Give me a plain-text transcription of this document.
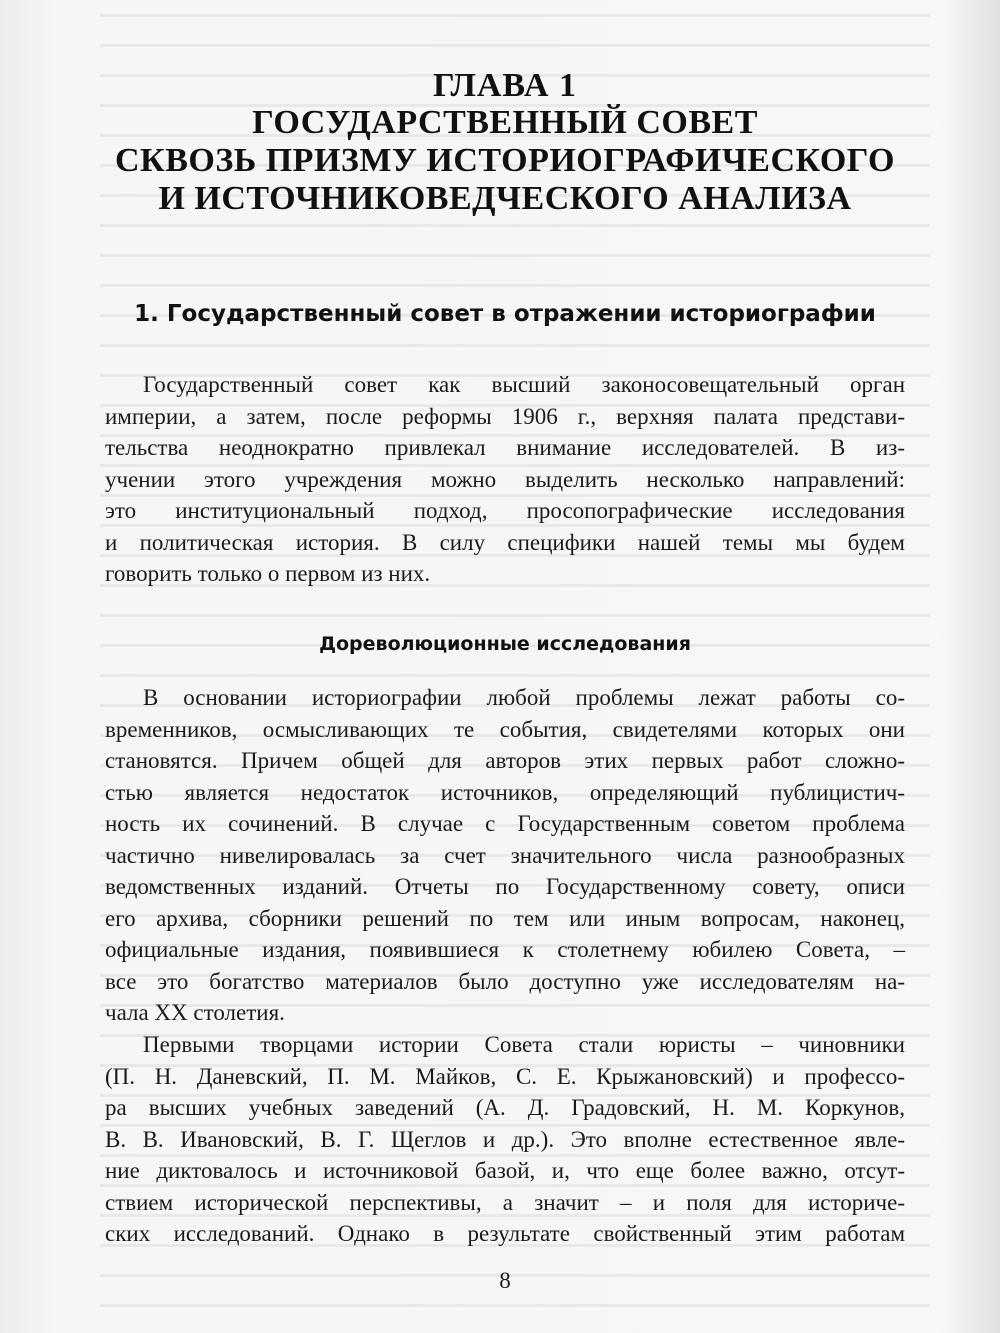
ГЛАВА 1
ГОСУДАРСТВЕННЫЙ СОВЕТ
СКВОЗЬ ПРИЗМУ ИСТОРИОГРАФИЧЕСКОГО
И ИСТОЧНИКОВЕДЧЕСКОГО АНАЛИЗА
1. Государственный совет в отражении историографии

Государственный совет как высший законосовещательный орган
империи, а затем, после реформы 1906 г., верхняя палата представи-
тельства неоднократно привлекал внимание исследователей. В из-
учении этого учреждения можно выделить несколько направлений:
это институциональный подход, просопографические исследования
и политическая история. В силу специфики нашей темы мы будем
говорить только о первом из них.

Дореволюционные исследования

В основании историографии любой проблемы лежат работы со-
временников, осмысливающих те события, свидетелями которых они
становятся. Причем общей для авторов этих первых работ сложно-
стью является недостаток источников, определяющий публицистич-
ность их сочинений. В случае с Государственным советом проблема
частично нивелировалась за счет значительного числа разнообразных
ведомственных изданий. Отчеты по Государственному совету, описи
его архива, сборники решений по тем или иным вопросам, наконец,
официальные издания, появившиеся к столетнему юбилею Совета, –
все это богатство материалов было доступно уже исследователям на-
чала XX столетия.

Первыми творцами истории Совета стали юристы – чиновники
(П. Н. Даневский, П. М. Майков, С. Е. Крыжановский) и профессо-
ра высших учебных заведений (А. Д. Градовский, Н. М. Коркунов,
В. В. Ивановский, В. Г. Щеглов и др.). Это вполне естественное явле-
ние диктовалось и источниковой базой, и, что еще более важно, отсут-
ствием исторической перспективы, а значит – и поля для историче-
ских исследований. Однако в результате свойственный этим работам

8
